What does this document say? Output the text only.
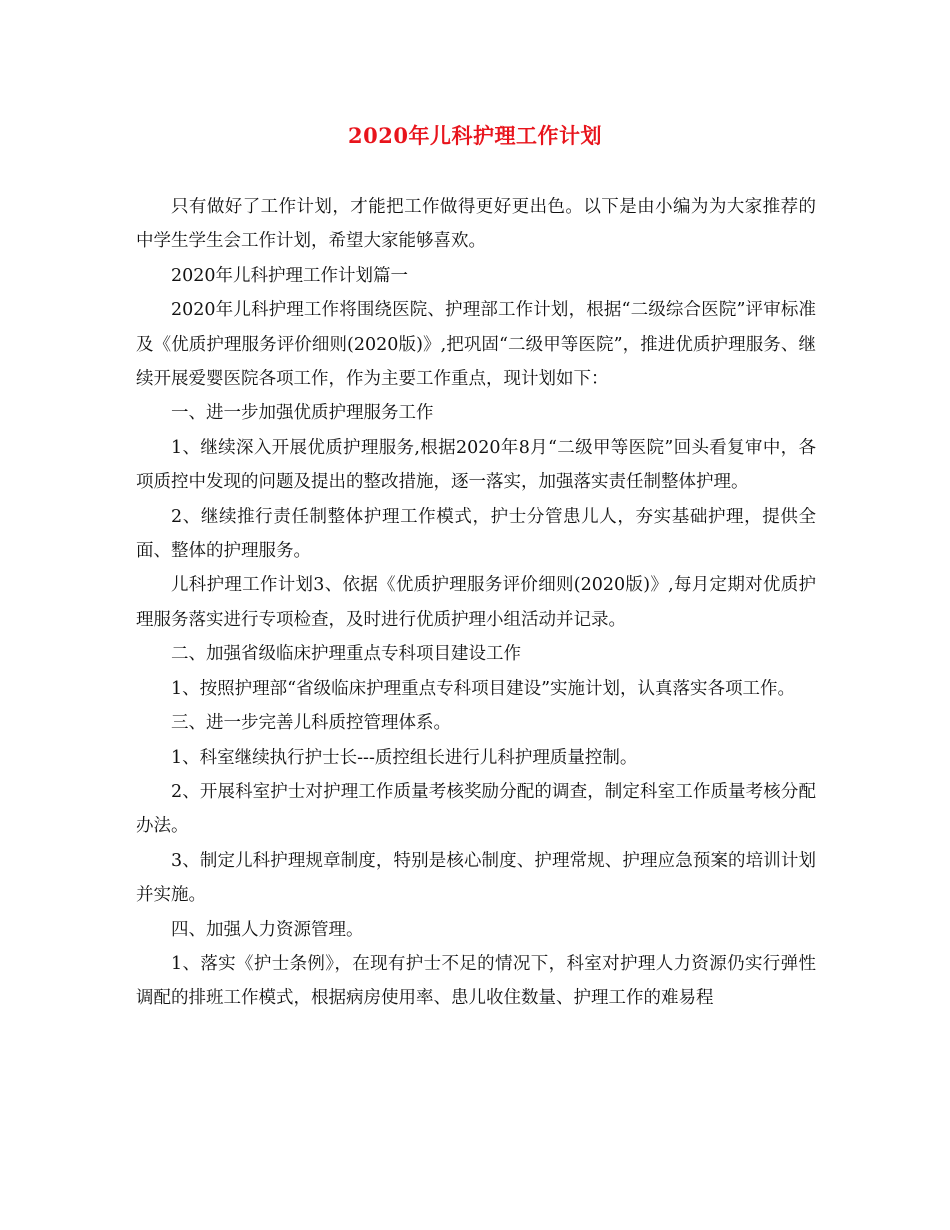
2020年儿科护理工作计划

只有做好了工作计划，才能把工作做得更好更出色。以下是由小编为为大家推荐的中学生学生会工作计划，希望大家能够喜欢。

2020年儿科护理工作计划篇一

2020年儿科护理工作将围绕医院、护理部工作计划，根据“二级综合医院”评审标准及《优质护理服务评价细则(2020版)》,把巩固“二级甲等医院”，推进优质护理服务、继续开展爱婴医院各项工作，作为主要工作重点，现计划如下：

一、进一步加强优质护理服务工作

1、继续深入开展优质护理服务,根据2020年8月“二级甲等医院”回头看复审中，各项质控中发现的问题及提出的整改措施，逐一落实，加强落实责任制整体护理。

2、继续推行责任制整体护理工作模式，护士分管患儿人，夯实基础护理，提供全面、整体的护理服务。

儿科护理工作计划3、依据《优质护理服务评价细则(2020版)》,每月定期对优质护理服务落实进行专项检查，及时进行优质护理小组活动并记录。

二、加强省级临床护理重点专科项目建设工作

1、按照护理部“省级临床护理重点专科项目建设”实施计划，认真落实各项工作。

三、进一步完善儿科质控管理体系。

1、科室继续执行护士长---质控组长进行儿科护理质量控制。

2、开展科室护士对护理工作质量考核奖励分配的调查，制定科室工作质量考核分配办法。

3、制定儿科护理规章制度，特别是核心制度、护理常规、护理应急预案的培训计划并实施。

四、加强人力资源管理。

1、落实《护士条例》，在现有护士不足的情况下，科室对护理人力资源仍实行弹性调配的排班工作模式，根据病房使用率、患儿收住数量、护理工作的难易程
